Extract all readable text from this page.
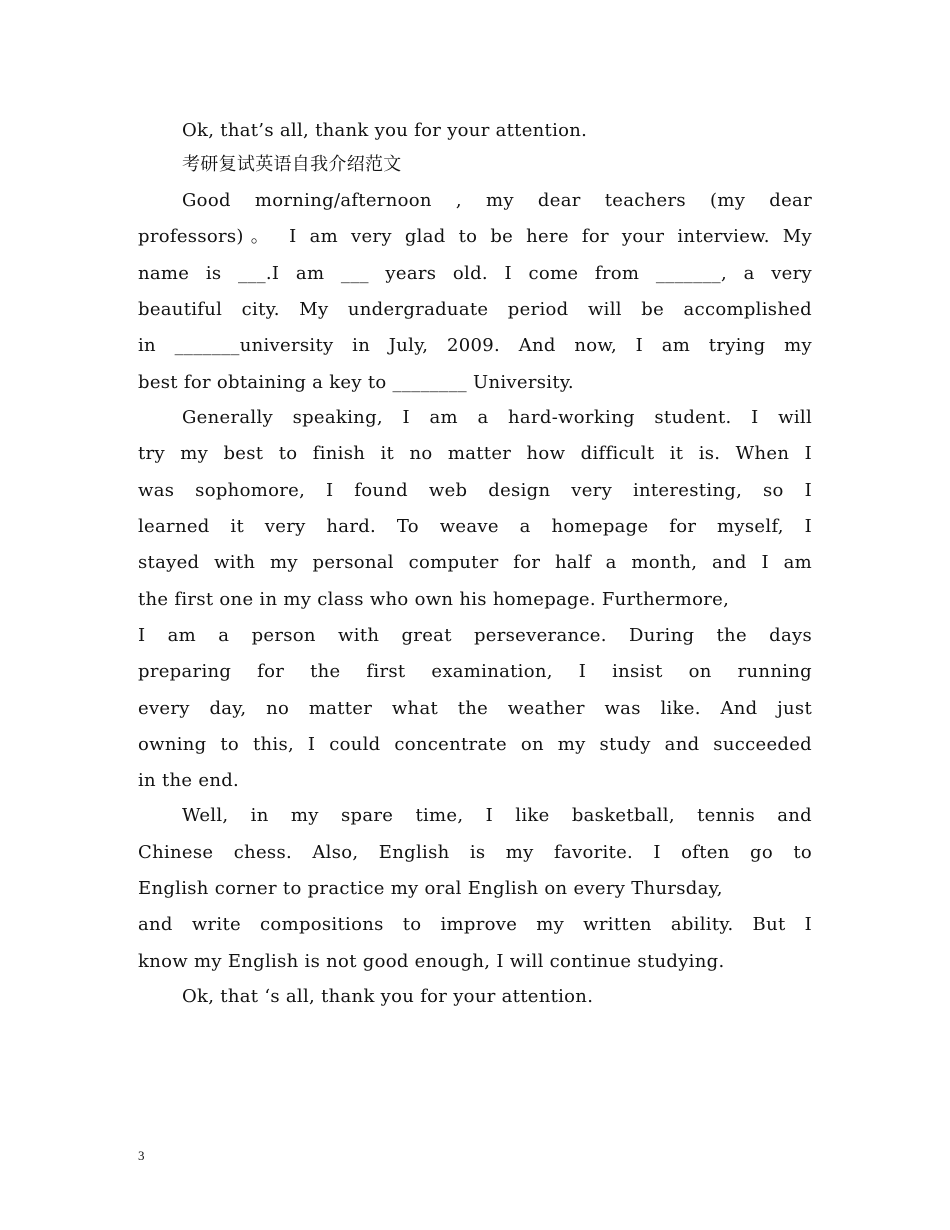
Ok, that’s all, thank you for your attention.
考研复试英语自我介绍范文
Good morning/afternoon , my dear teachers (my dear
professors)。 I am very glad to be here for your interview. My
name is ___.I am ___ years old. I come from _______, a very
beautiful city. My undergraduate period will be accomplished
in _______university in July, 2009. And now, I am trying my
best for obtaining a key to ________ University.
Generally speaking, I am a hard-working student. I will
try my best to finish it no matter how difficult it is. When I
was sophomore, I found web design very interesting, so I
learned it very hard. To weave a homepage for myself, I
stayed with my personal computer for half a month, and I am
the first one in my class who own his homepage. Furthermore,
I am a person with great perseverance. During the days
preparing for the first examination, I insist on running
every day, no matter what the weather was like. And just
owning to this, I could concentrate on my study and succeeded
in the end.
Well, in my spare time, I like basketball, tennis and
Chinese chess. Also, English is my favorite. I often go to
English corner to practice my oral English on every Thursday,
and write compositions to improve my written ability. But I
know my English is not good enough, I will continue studying.
Ok, that ‘s all, thank you for your attention.
3
